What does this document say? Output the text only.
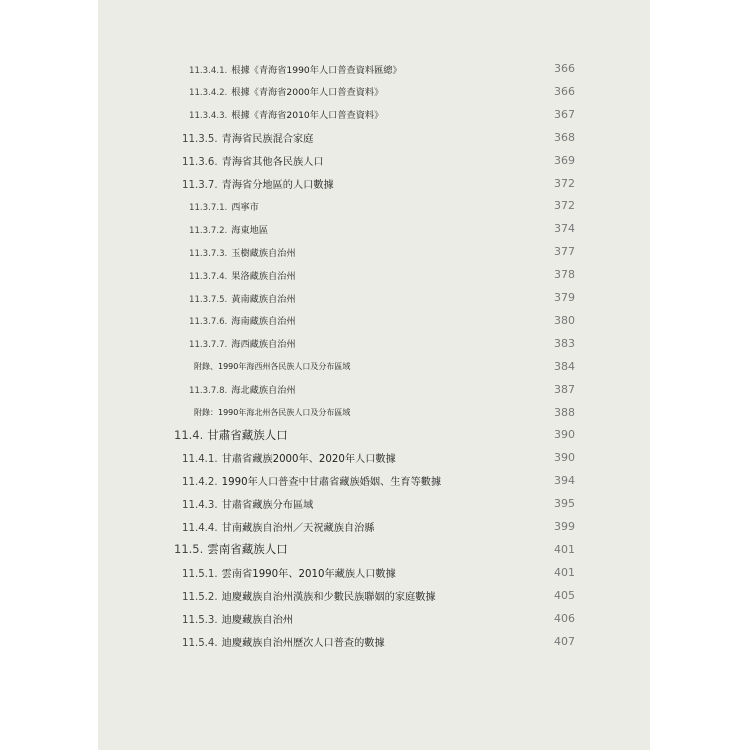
11.3.4.1. 根據《青海省1990年人口普查資料匯總》	366
11.3.4.2. 根據《青海省2000年人口普查資料》	366
11.3.4.3. 根據《青海省2010年人口普查資料》	367
11.3.5. 青海省民族混合家庭	368
11.3.6. 青海省其他各民族人口	369
11.3.7. 青海省分地區的人口數據	372
11.3.7.1. 西寧市	372
11.3.7.2. 海東地區	374
11.3.7.3. 玉樹藏族自治州	377
11.3.7.4. 果洛藏族自治州	378
11.3.7.5. 黃南藏族自治州	379
11.3.7.6. 海南藏族自治州	380
11.3.7.7. 海西藏族自治州	383
附錄、1990年海西州各民族人口及分布區域	384
11.3.7.8. 海北藏族自治州	387
附錄：1990年海北州各民族人口及分布區域	388
11.4. 甘肅省藏族人口	390
11.4.1. 甘肅省藏族2000年、2020年人口數據	390
11.4.2. 1990年人口普查中甘肅省藏族婚姻、生育等數據	394
11.4.3. 甘肅省藏族分布區域	395
11.4.4. 甘南藏族自治州／天祝藏族自治縣	399
11.5. 雲南省藏族人口	401
11.5.1. 雲南省1990年、2010年藏族人口數據	401
11.5.2. 迪慶藏族自治州漢族和少數民族聯姻的家庭數據	405
11.5.3. 迪慶藏族自治州	406
11.5.4. 迪慶藏族自治州歷次人口普查的數據	407
